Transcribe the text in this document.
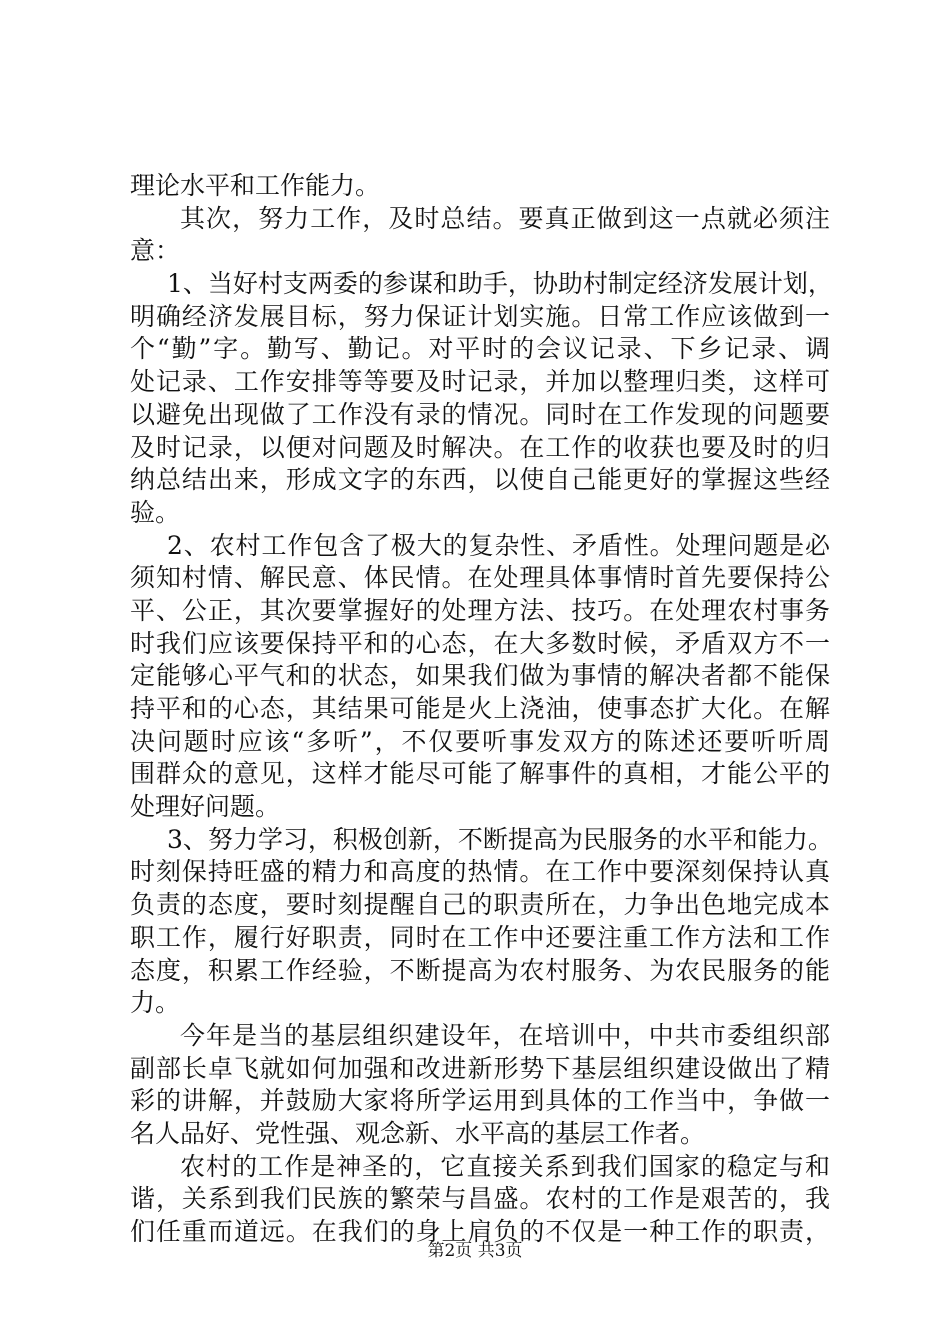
理论水平和工作能力。
其次，努力工作，及时总结。要真正做到这一点就必须注
意：
1、当好村支两委的参谋和助手，协助村制定经济发展计划，
明确经济发展目标，努力保证计划实施。日常工作应该做到一
个“勤”字。勤写、勤记。对平时的会议记录、下乡记录、调
处记录、工作安排等等要及时记录，并加以整理归类，这样可
以避免出现做了工作没有录的情况。同时在工作发现的问题要
及时记录，以便对问题及时解决。在工作的收获也要及时的归
纳总结出来，形成文字的东西，以使自己能更好的掌握这些经
验。
2、农村工作包含了极大的复杂性、矛盾性。处理问题是必
须知村情、解民意、体民情。在处理具体事情时首先要保持公
平、公正，其次要掌握好的处理方法、技巧。在处理农村事务
时我们应该要保持平和的心态，在大多数时候，矛盾双方不一
定能够心平气和的状态，如果我们做为事情的解决者都不能保
持平和的心态，其结果可能是火上浇油，使事态扩大化。在解
决问题时应该“多听”，不仅要听事发双方的陈述还要听听周
围群众的意见，这样才能尽可能了解事件的真相，才能公平的
处理好问题。
3、努力学习，积极创新，不断提高为民服务的水平和能力。
时刻保持旺盛的精力和高度的热情。在工作中要深刻保持认真
负责的态度，要时刻提醒自己的职责所在，力争出色地完成本
职工作，履行好职责，同时在工作中还要注重工作方法和工作
态度，积累工作经验，不断提高为农村服务、为农民服务的能
力。
今年是当的基层组织建设年，在培训中，中共市委组织部
副部长卓飞就如何加强和改进新形势下基层组织建设做出了精
彩的讲解，并鼓励大家将所学运用到具体的工作当中，争做一
名人品好、党性强、观念新、水平高的基层工作者。
农村的工作是神圣的，它直接关系到我们国家的稳定与和
谐，关系到我们民族的繁荣与昌盛。农村的工作是艰苦的，我
们任重而道远。在我们的身上肩负的不仅是一种工作的职责，
第2页 共3页
